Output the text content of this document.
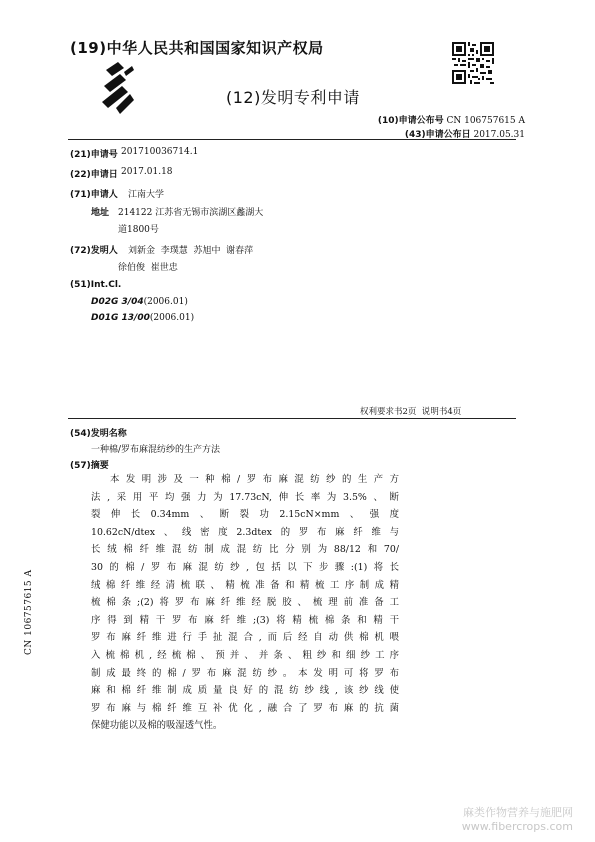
(19)中华人民共和国国家知识产权局
(12)发明专利申请
(10)申请公布号 CN 106757615 A
(43)申请公布日 2017.05.31
(21)申请号 201710036714.1
(22)申请日 2017.01.18
(71)申请人 江南大学
地址 214122 江苏省无锡市滨湖区蠡湖大
道1800号
(72)发明人 刘新金  李璞慧  苏旭中  谢春萍
徐伯俊  崔世忠
(51)Int.Cl.
D02G 3/04(2006.01)
D01G 13/00(2006.01)
权利要求书2页  说明书4页
(54)发明名称
一种棉/罗布麻混纺纱的生产方法
(57)摘要
本发明涉及一种棉/罗布麻混纺纱的生产方
法,采用平均强力为17.73cN,伸长率为3.5%、断
裂伸长0.34mm、断裂功2.15cN×mm、强度
10.62cN/dtex、线密度2.3dtex的罗布麻纤维与
长绒棉纤维混纺制成混纺比分别为88/12和70/
30的棉/罗布麻混纺纱,包括以下步骤:(1)将长
绒棉纤维经清梳联、精梳准备和精梳工序制成精
梳棉条;(2)将罗布麻纤维经脱胶、梳理前准备工
序得到精干罗布麻纤维;(3)将精梳棉条和精干
罗布麻纤维进行手扯混合,而后经自动供棉机喂
入梳棉机,经梳棉、预并、并条、粗纱和细纱工序
制成最终的棉/罗布麻混纺纱。本发明可将罗布
麻和棉纤维制成质量良好的混纺纱线,该纱线使
罗布麻与棉纤维互补优化,融合了罗布麻的抗菌
保健功能以及棉的吸湿透气性。
CN 106757615 A
麻类作物营养与施肥网
www.fibercrops.com
